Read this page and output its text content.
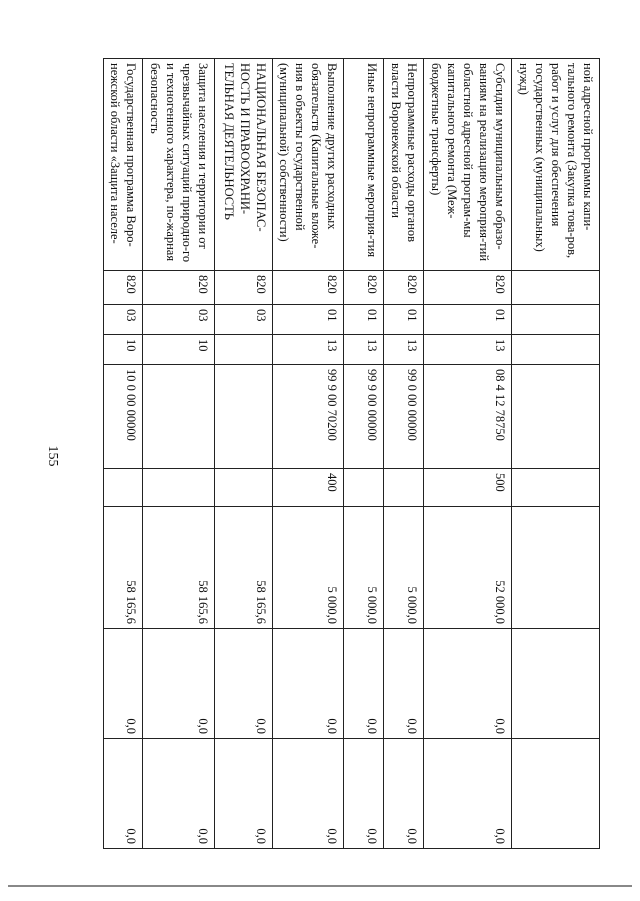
155
ной адресной программы капи-тального ремонта (Закупка това-ров, работ и услуг для обеспечения государственных (муниципальных) нужд)								
Субсидии муниципальным образо-ваниям на реализацию мероприя-тий областной адресной програм-мы капитального ремонта (Меж-бюджетные трансферты)	820	01	13	08 4 12 78750	500	52 000,0	0,0	0,0
Непрограммные расходы органов власти Воронежской области	820	01	13	99 0 00 00000		5 000,0	0,0	0,0
Иные непрограммные мероприя-тия	820	01	13	99 9 00 00000		5 000,0	0,0	0,0
Выполнение других расходных обязательств (Капитальные вложе-ния в объекты государственной (муниципальной) собственности)	820	01	13	99 9 00 70200	400	5 000,0	0,0	0,0
НАЦИОНАЛЬНАЯ БЕЗОПАС-НОСТЬ И ПРАВООХРАНИ-ТЕЛЬНАЯ ДЕЯТЕЛЬНОСТЬ	820	03				58 165,6	0,0	0,0
Защита населения и территории от чрезвычайных ситуаций природно-го и техногенного характера, по-жарная безопасность	820	03	10			58 165,6	0,0	0,0
Государственная программа Воро-нежской области «Защита населе-	820	03	10	10 0 00 00000		58 165,6	0,0	0,0
